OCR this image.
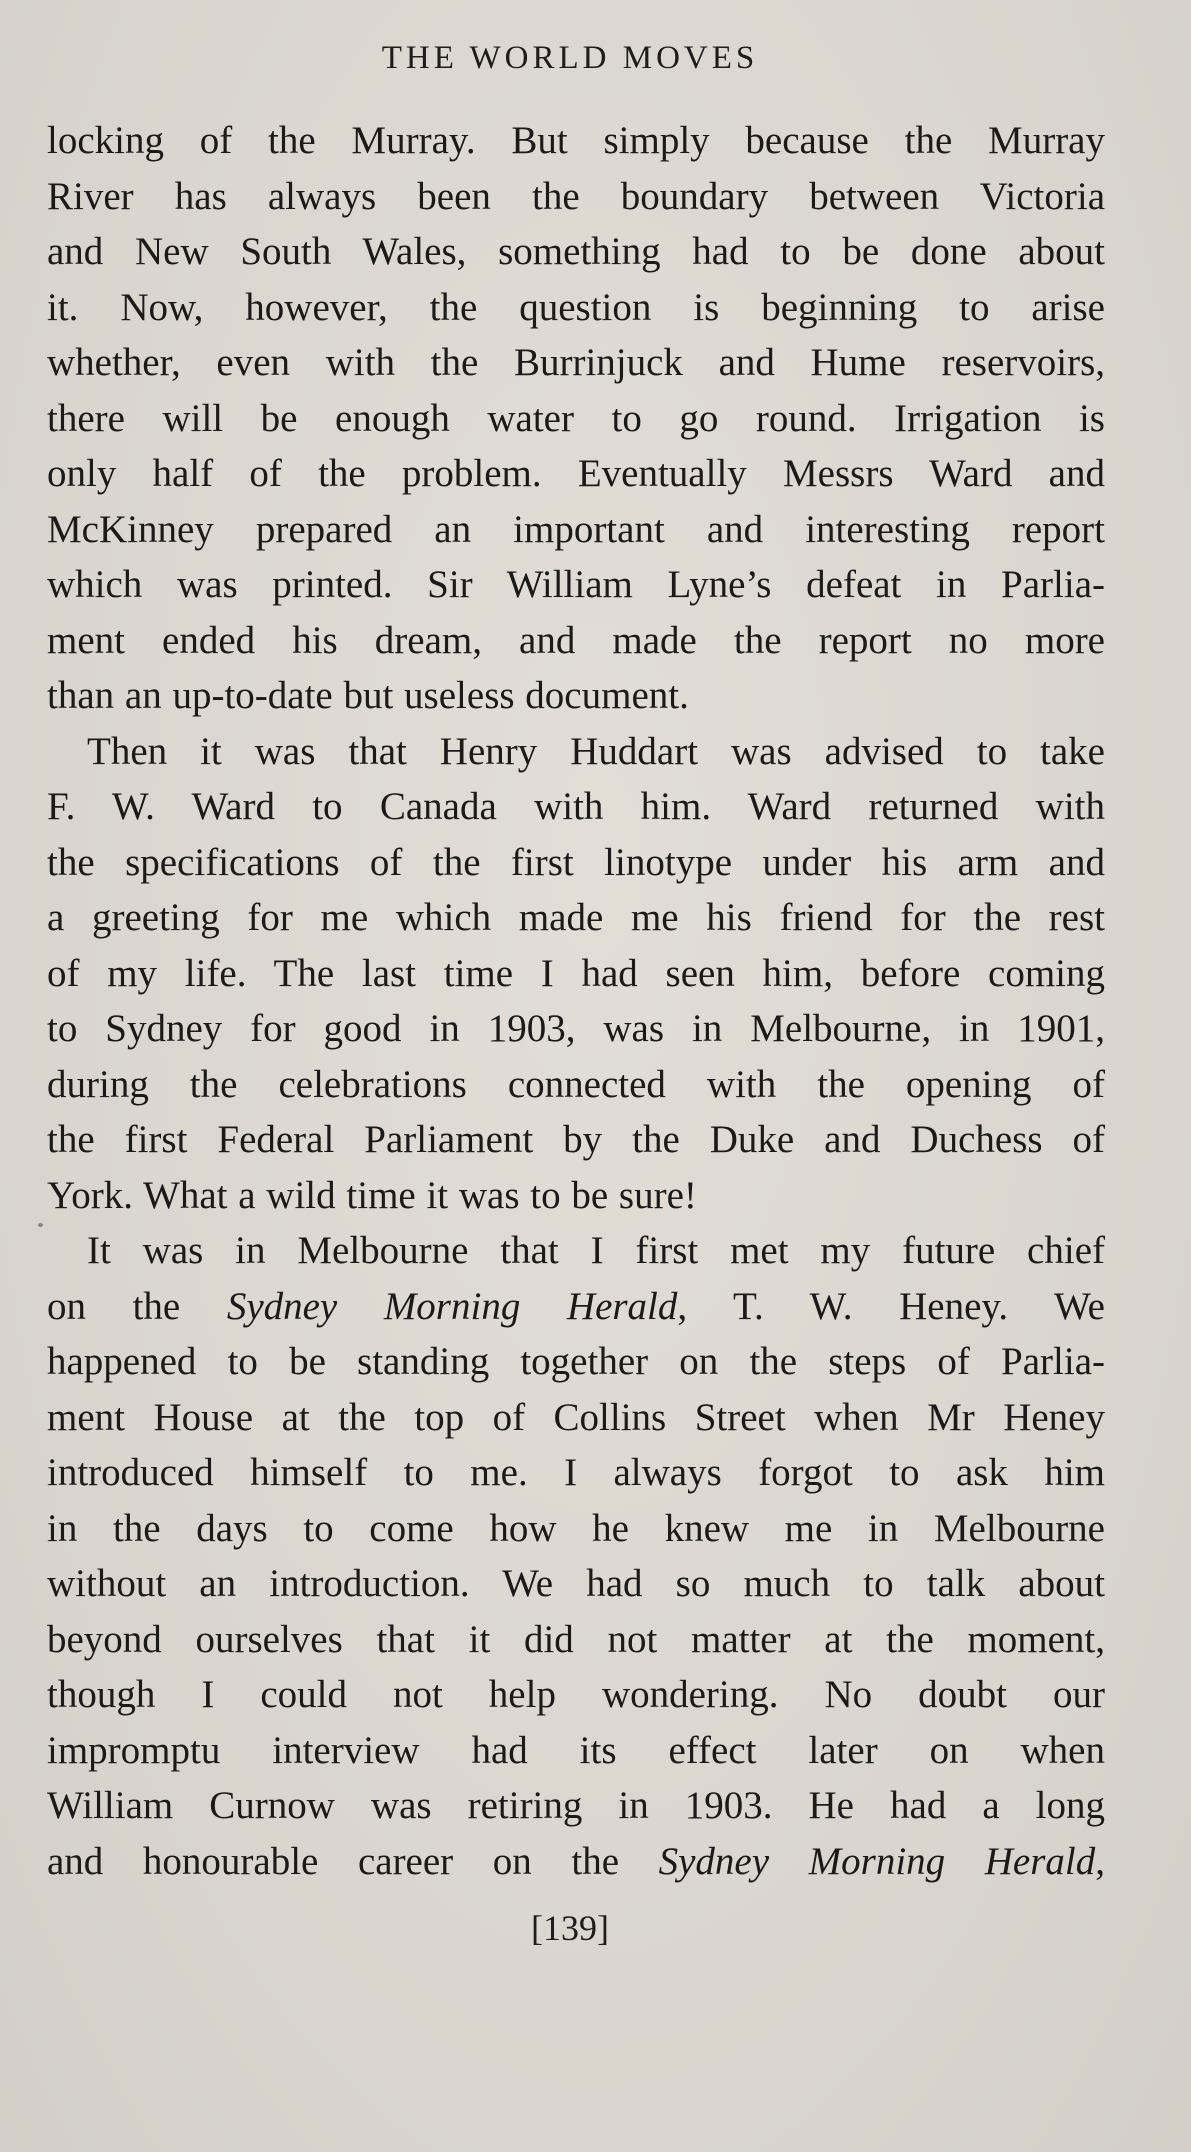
THE WORLD MOVES
locking of the Murray. But simply because the Murray
River has always been the boundary between Victoria
and New South Wales, something had to be done about
it. Now, however, the question is beginning to arise
whether, even with the Burrinjuck and Hume reservoirs,
there will be enough water to go round. Irrigation is
only half of the problem. Eventually Messrs Ward and
McKinney prepared an important and interesting report
which was printed. Sir William Lyne’s defeat in Parlia-
ment ended his dream, and made the report no more
than an up-to-date but useless document.
Then it was that Henry Huddart was advised to take
F. W. Ward to Canada with him. Ward returned with
the specifications of the first linotype under his arm and
a greeting for me which made me his friend for the rest
of my life. The last time I had seen him, before coming
to Sydney for good in 1903, was in Melbourne, in 1901,
during the celebrations connected with the opening of
the first Federal Parliament by the Duke and Duchess of
York. What a wild time it was to be sure!
It was in Melbourne that I first met my future chief
on the Sydney Morning Herald, T. W. Heney. We
happened to be standing together on the steps of Parlia-
ment House at the top of Collins Street when Mr Heney
introduced himself to me. I always forgot to ask him
in the days to come how he knew me in Melbourne
without an introduction. We had so much to talk about
beyond ourselves that it did not matter at the moment,
though I could not help wondering. No doubt our
impromptu interview had its effect later on when
William Curnow was retiring in 1903. He had a long
and honourable career on the Sydney Morning Herald,
[139]
